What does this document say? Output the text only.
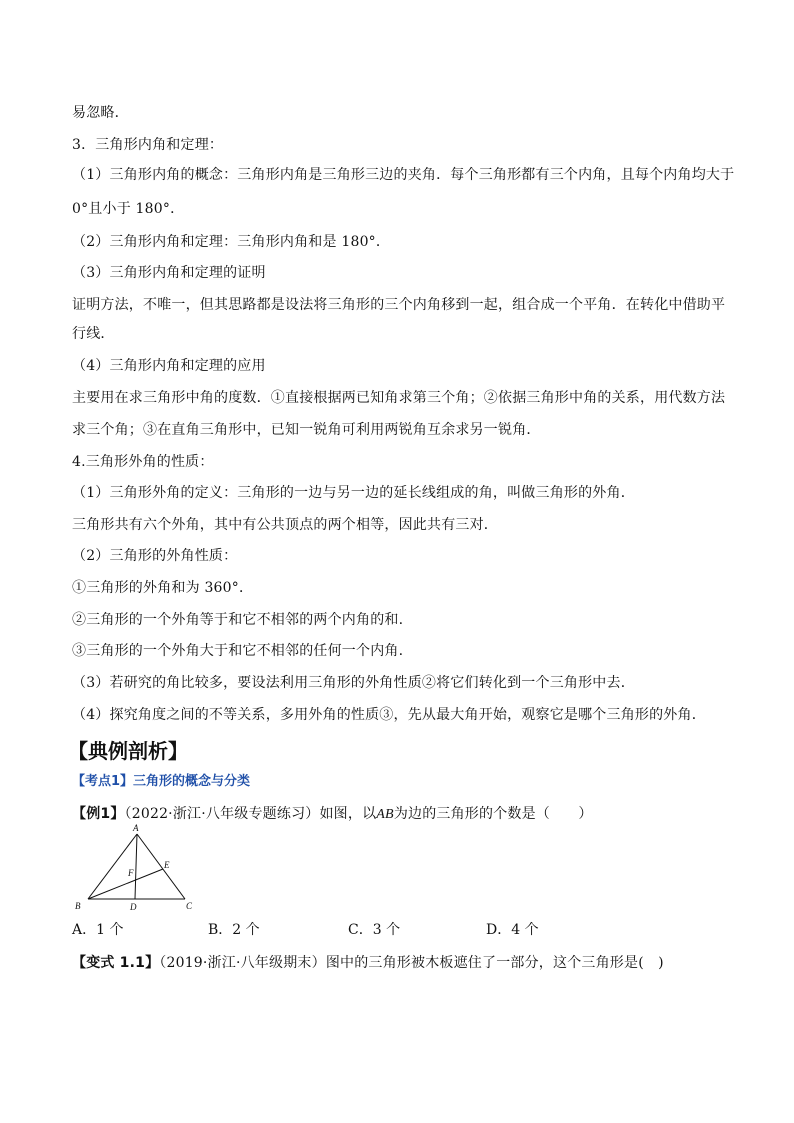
易忽略．
3．三角形内角和定理：
（1）三角形内角的概念：三角形内角是三角形三边的夹角．每个三角形都有三个内角，且每个内角均大于
0°且小于 180°．
（2）三角形内角和定理：三角形内角和是 180°．
（3）三角形内角和定理的证明
证明方法，不唯一，但其思路都是设法将三角形的三个内角移到一起，组合成一个平角．在转化中借助平
行线．
（4）三角形内角和定理的应用
主要用在求三角形中角的度数．①直接根据两已知角求第三个角；②依据三角形中角的关系，用代数方法
求三个角；③在直角三角形中，已知一锐角可利用两锐角互余求另一锐角．
4.三角形外角的性质：
（1）三角形外角的定义：三角形的一边与另一边的延长线组成的角，叫做三角形的外角．
三角形共有六个外角，其中有公共顶点的两个相等，因此共有三对．
（2）三角形的外角性质：
①三角形的外角和为 360°．
②三角形的一个外角等于和它不相邻的两个内角的和.
③三角形的一个外角大于和它不相邻的任何一个内角.
（3）若研究的角比较多，要设法利用三角形的外角性质②将它们转化到一个三角形中去．
（4）探究角度之间的不等关系，多用外角的性质③，先从最大角开始，观察它是哪个三角形的外角．
【典例剖析】
【考点1】三角形的概念与分类
【例1】（2022·浙江·八年级专题练习）如图，以AB为边的三角形的个数是（　　）
A
B	C
D
E
F
A．1 个	B．2 个	C．3 个	D．4 个
【变式 1.1】（2019·浙江·八年级期末）图中的三角形被木板遮住了一部分，这个三角形是(　)
